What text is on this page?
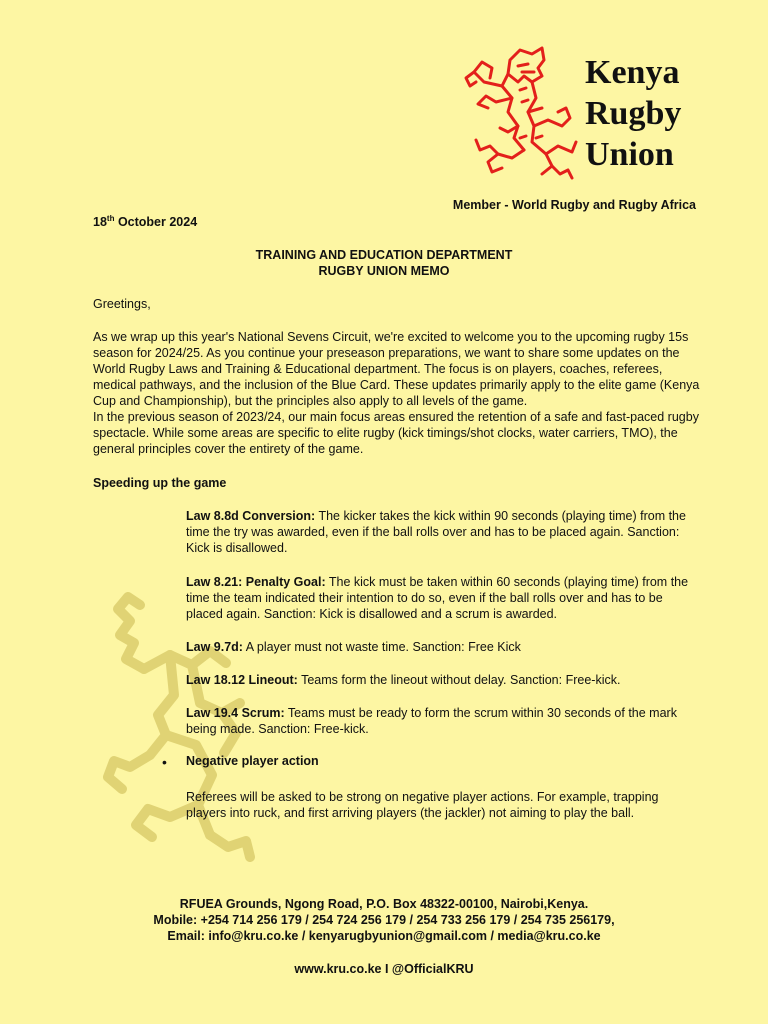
Kenya
Rugby
Union
Member - World Rugby and Rugby Africa
18th October 2024
TRAINING AND EDUCATION DEPARTMENT
RUGBY UNION MEMO
Greetings,
As we wrap up this year's National Sevens Circuit, we're excited to welcome you to the upcoming rugby 15s season for 2024/25. As you continue your preseason preparations, we want to share some updates on the World Rugby Laws and Training & Educational department. The focus is on players, coaches, referees, medical pathways, and the inclusion of the Blue Card. These updates primarily apply to the elite game (Kenya Cup and Championship), but the principles also apply to all levels of the game.
In the previous season of 2023/24, our main focus areas ensured the retention of a safe and fast-paced rugby spectacle. While some areas are specific to elite rugby (kick timings/shot clocks, water carriers, TMO), the general principles cover the entirety of the game.
Speeding up the game
Law 8.8d Conversion: The kicker takes the kick within 90 seconds (playing time) from the time the try was awarded, even if the ball rolls over and has to be placed again. Sanction: Kick is disallowed.
Law 8.21: Penalty Goal: The kick must be taken within 60 seconds (playing time) from the time the team indicated their intention to do so, even if the ball rolls over and has to be placed again. Sanction: Kick is disallowed and a scrum is awarded.
Law 9.7d: A player must not waste time. Sanction: Free Kick
Law 18.12 Lineout: Teams form the lineout without delay. Sanction: Free-kick.
Law 19.4 Scrum: Teams must be ready to form the scrum within 30 seconds of the mark being made. Sanction: Free-kick.
• Negative player action
Referees will be asked to be strong on negative player actions. For example, trapping players into ruck, and first arriving players (the jackler) not aiming to play the ball.
RFUEA Grounds, Ngong Road, P.O. Box 48322-00100, Nairobi,Kenya.
Mobile: +254 714 256 179 / 254 724 256 179 / 254 733 256 179 / 254 735 256179,
Email: info@kru.co.ke / kenyarugbyunion@gmail.com / media@kru.co.ke
www.kru.co.ke I @OfficialKRU
